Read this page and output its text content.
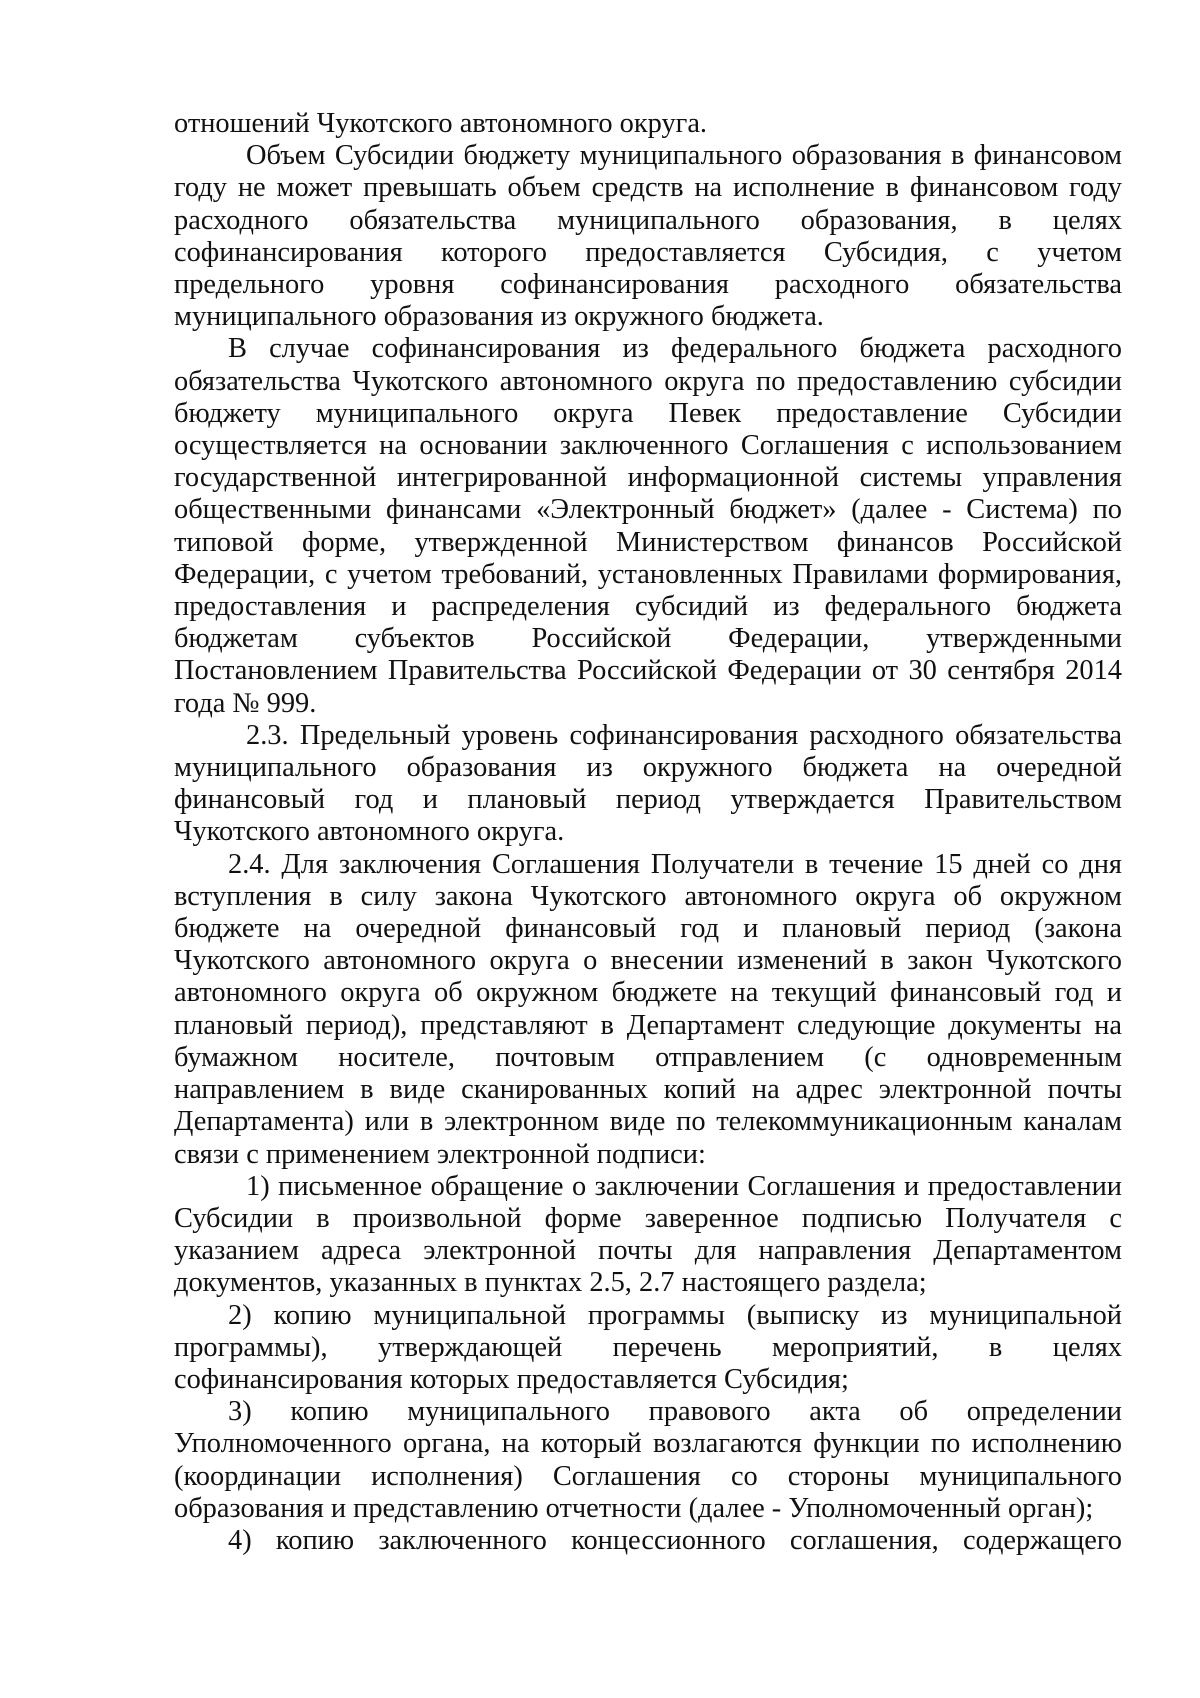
отношений Чукотского автономного округа.

Объем Субсидии бюджету муниципального образования в финансовом году не может превышать объем средств на исполнение в финансовом году расходного обязательства муниципального образования, в целях софинансирования которого предоставляется Субсидия, с учетом предельного уровня софинансирования расходного обязательства муниципального образования из окружного бюджета.

В случае софинансирования из федерального бюджета расходного обязательства Чукотского автономного округа по предоставлению субсидии бюджету муниципального округа Певек предоставление Субсидии осуществляется на основании заключенного Соглашения с использованием государственной интегрированной информационной системы управления общественными финансами «Электронный бюджет» (далее - Система) по типовой форме, утвержденной Министерством финансов Российской Федерации, с учетом требований, установленных Правилами формирования, предоставления и распределения субсидий из федерального бюджета бюджетам субъектов Российской Федерации, утвержденными Постановлением Правительства Российской Федерации от 30 сентября 2014 года № 999.

2.3. Предельный уровень софинансирования расходного обязательства муниципального образования из окружного бюджета на очередной финансовый год и плановый период утверждается Правительством Чукотского автономного округа.

2.4. Для заключения Соглашения Получатели в течение 15 дней со дня вступления в силу закона Чукотского автономного округа об окружном бюджете на очередной финансовый год и плановый период (закона Чукотского автономного округа о внесении изменений в закон Чукотского автономного округа об окружном бюджете на текущий финансовый год и плановый период), представляют в Департамент следующие документы на бумажном носителе, почтовым отправлением (с одновременным направлением в виде сканированных копий на адрес электронной почты Департамента) или в электронном виде по телекоммуникационным каналам связи с применением электронной подписи:

1) письменное обращение о заключении Соглашения и предоставлении Субсидии в произвольной форме заверенное подписью Получателя с указанием адреса электронной почты для направления Департаментом документов, указанных в пунктах 2.5, 2.7 настоящего раздела;

2) копию муниципальной программы (выписку из муниципальной программы), утверждающей перечень мероприятий, в целях софинансирования которых предоставляется Субсидия;

3) копию муниципального правового акта об определении Уполномоченного органа, на который возлагаются функции по исполнению (координации исполнения) Соглашения со стороны муниципального образования и представлению отчетности (далее - Уполномоченный орган);

4) копию заключенного концессионного соглашения, содержащего
